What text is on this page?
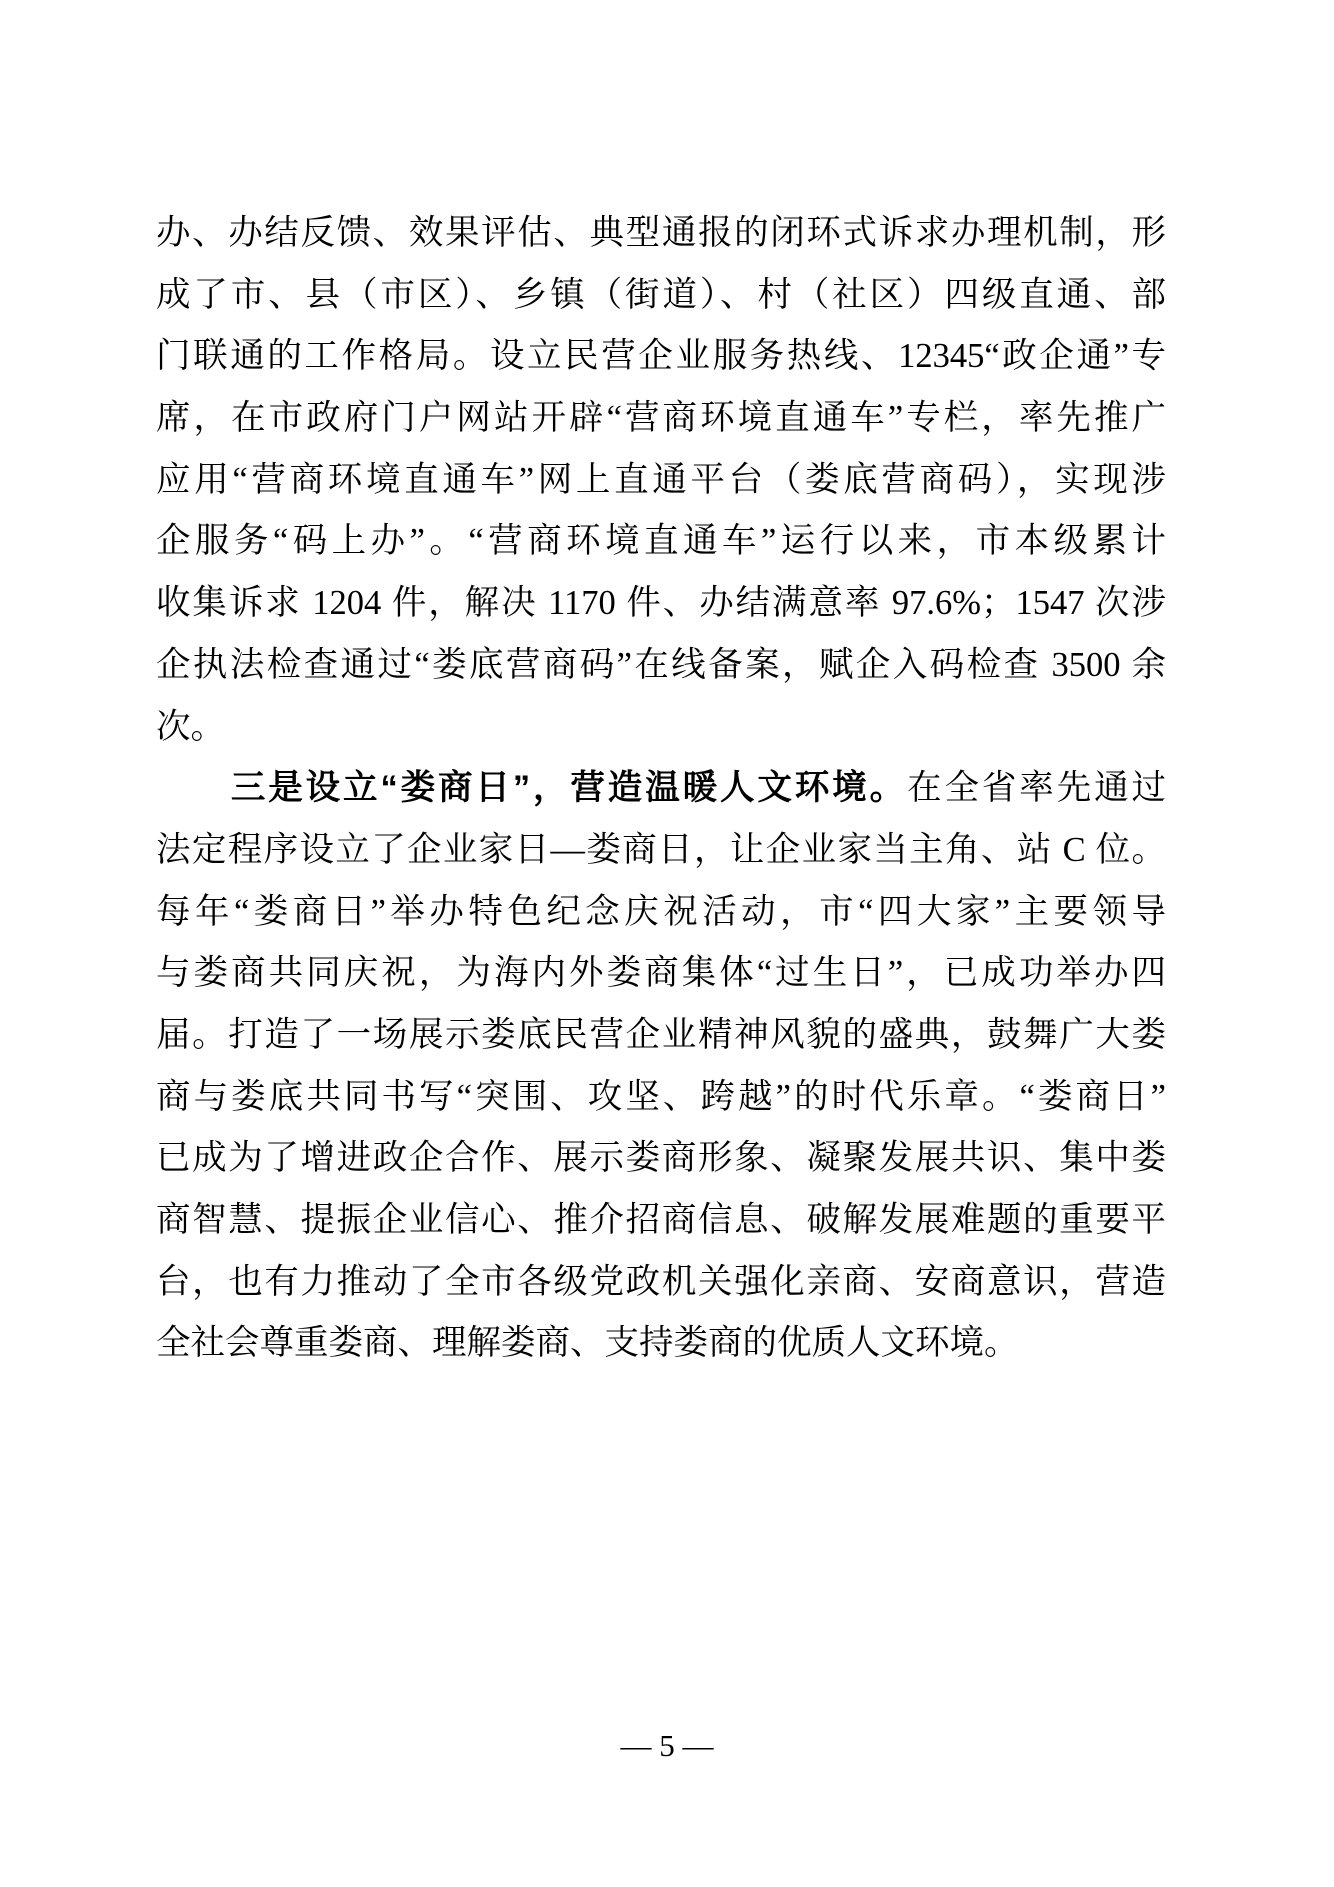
办、办结反馈、效果评估、典型通报的闭环式诉求办理机制，形
成了市、县（市区）、乡镇（街道）、村（社区）四级直通、部
门联通的工作格局。设立民营企业服务热线、12345“政企通”专
席，在市政府门户网站开辟“营商环境直通车”专栏，率先推广
应用“营商环境直通车”网上直通平台（娄底营商码），实现涉
企服务“码上办”。“营商环境直通车”运行以来，市本级累计
收集诉求 1204 件，解决 1170 件、办结满意率 97.6%；1547 次涉
企执法检查通过“娄底营商码”在线备案，赋企入码检查 3500 余
次。
　　三是设立“娄商日”，营造温暖人文环境。在全省率先通过
法定程序设立了企业家日—娄商日，让企业家当主角、站 C 位。
每年“娄商日”举办特色纪念庆祝活动，市“四大家”主要领导
与娄商共同庆祝，为海内外娄商集体“过生日”，已成功举办四
届。打造了一场展示娄底民营企业精神风貌的盛典，鼓舞广大娄
商与娄底共同书写“突围、攻坚、跨越”的时代乐章。“娄商日”
已成为了增进政企合作、展示娄商形象、凝聚发展共识、集中娄
商智慧、提振企业信心、推介招商信息、破解发展难题的重要平
台，也有力推动了全市各级党政机关强化亲商、安商意识，营造
全社会尊重娄商、理解娄商、支持娄商的优质人文环境。
— 5 —
